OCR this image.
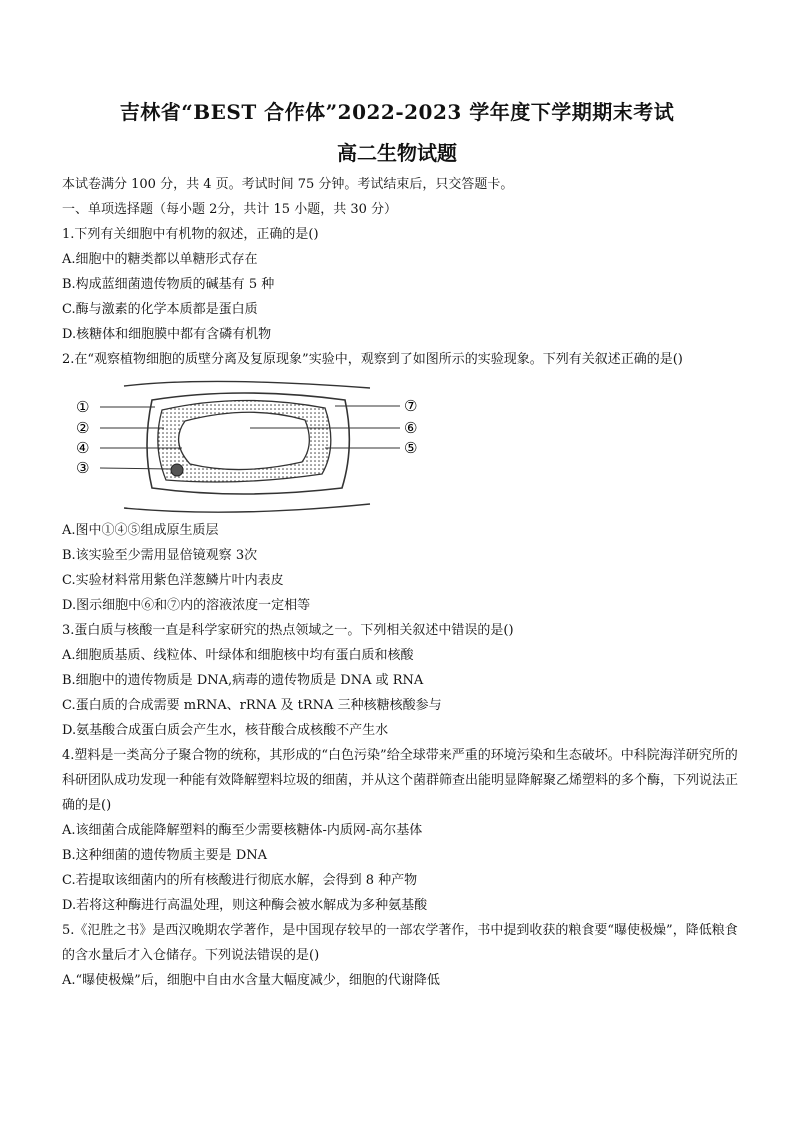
吉林省“BEST 合作体”2022-2023 学年度下学期期末考试
高二生物试题
本试卷满分 100 分，共 4 页。考试时间 75 分钟。考试结束后，只交答题卡。
一、单项选择题（每小题 2分，共计 15 小题，共 30 分）
1.下列有关细胞中有机物的叙述，正确的是()
A.细胞中的糖类都以单糖形式存在
B.构成蓝细菌遗传物质的碱基有 5 种
C.酶与激素的化学本质都是蛋白质
D.核糖体和细胞膜中都有含磷有机物
2.在“观察植物细胞的质壁分离及复原现象”实验中，观察到了如图所示的实验现象。下列有关叙述正确的是()
①
②
④
③
⑦
⑥
⑤
A.图中①④⑤组成原生质层
B.该实验至少需用显倍镜观察 3次
C.实验材料常用紫色洋葱鳞片叶内表皮
D.图示细胞中⑥和⑦内的溶液浓度一定相等
3.蛋白质与核酸一直是科学家研究的热点领域之一。下列相关叙述中错误的是()
A.细胞质基质、线粒体、叶绿体和细胞核中均有蛋白质和核酸
B.细胞中的遗传物质是 DNA,病毒的遗传物质是 DNA 或 RNA
C.蛋白质的合成需要 mRNA、rRNA 及 tRNA 三种核糖核酸参与
D.氨基酸合成蛋白质会产生水，核苷酸合成核酸不产生水
4.塑料是一类高分子聚合物的统称，其形成的“白色污染”给全球带来严重的环境污染和生态破坏。中科院海洋研究所的科研团队成功发现一种能有效降解塑料垃圾的细菌，并从这个菌群筛查出能明显降解聚乙烯塑料的多个酶，下列说法正确的是()
A.该细菌合成能降解塑料的酶至少需要核糖体-内质网-高尔基体
B.这种细菌的遗传物质主要是 DNA
C.若提取该细菌内的所有核酸进行彻底水解，会得到 8 种产物
D.若将这种酶进行高温处理，则这种酶会被水解成为多种氨基酸
5.《氾胜之书》是西汉晚期农学著作，是中国现存较早的一部农学著作，书中提到收获的粮食要“曝使极燥”，降低粮食的含水量后才入仓储存。下列说法错误的是()
A.“曝使极燥”后，细胞中自由水含量大幅度减少，细胞的代谢降低
